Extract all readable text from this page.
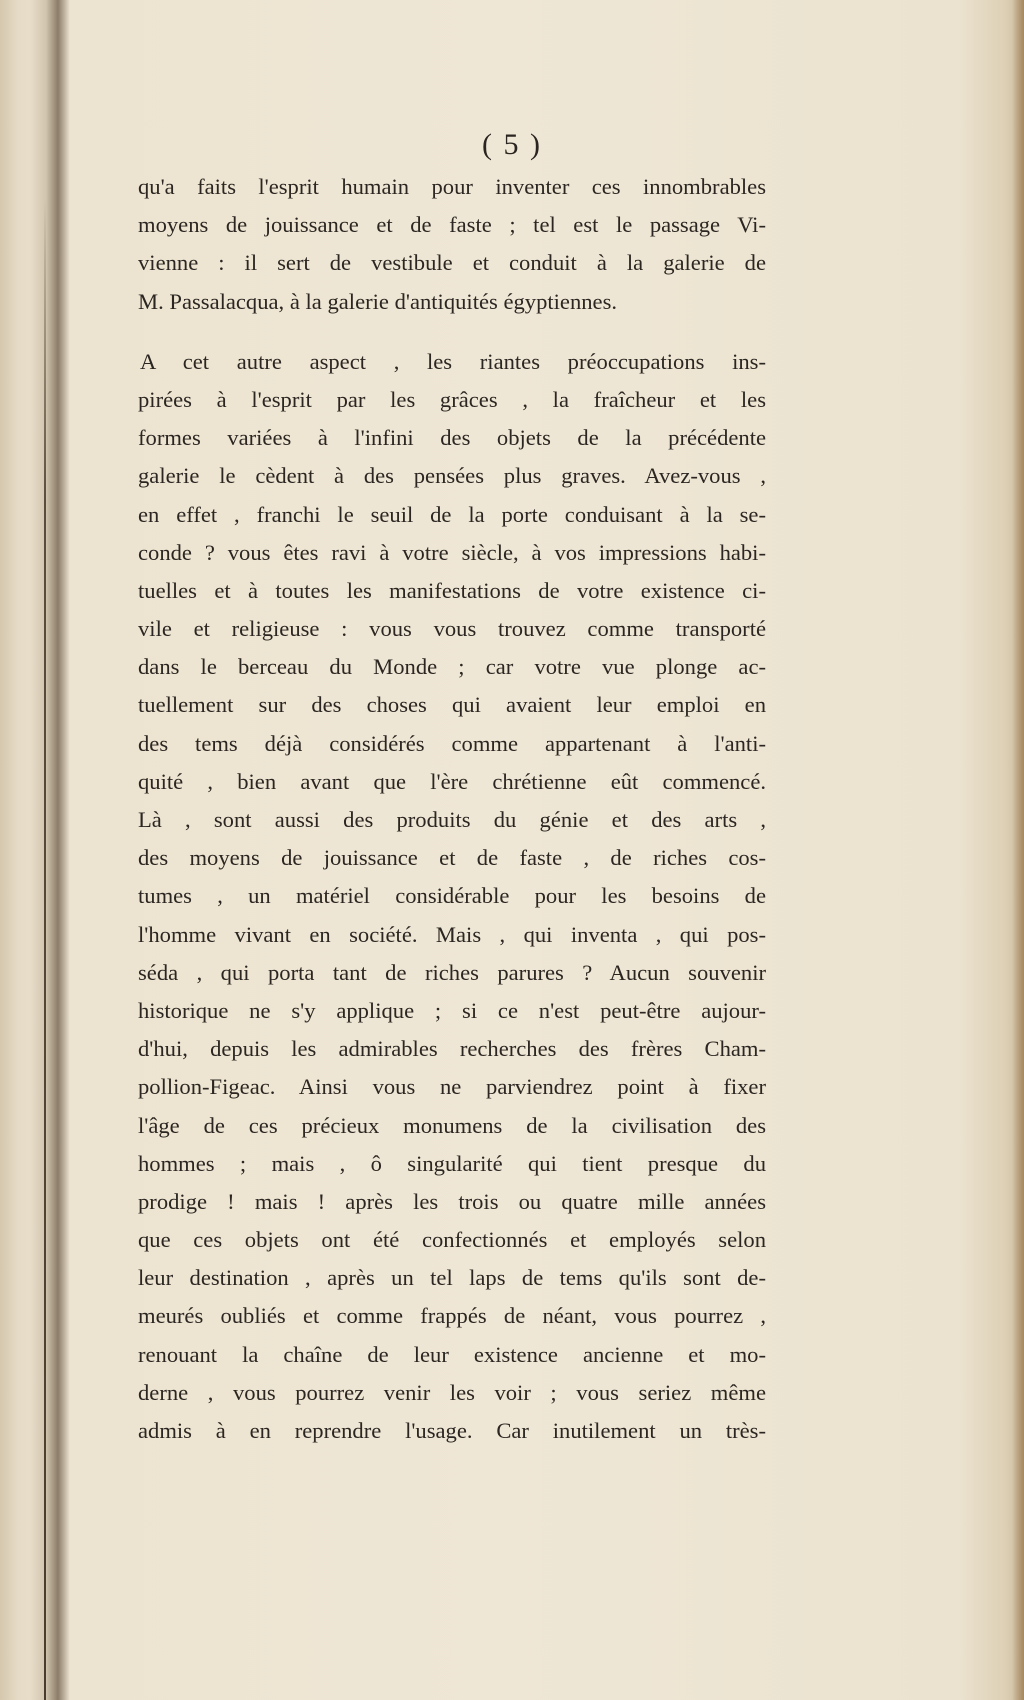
( 5 )
qu'a faits l'esprit humain pour inventer ces innombrables
moyens de jouissance et de faste ; tel est le passage Vi-
vienne : il sert de vestibule et conduit à la galerie de
M. Passalacqua, à la galerie d'antiquités égyptiennes.
A cet autre aspect , les riantes préoccupations ins-
pirées à l'esprit par les grâces , la fraîcheur et les
formes variées à l'infini des objets de la précédente
galerie le cèdent à des pensées plus graves. Avez-vous ,
en effet , franchi le seuil de la porte conduisant à la se-
conde ? vous êtes ravi à votre siècle, à vos impressions habi-
tuelles et à toutes les manifestations de votre existence ci-
vile et religieuse : vous vous trouvez comme transporté
dans le berceau du Monde ; car votre vue plonge ac-
tuellement sur des choses qui avaient leur emploi en
des tems déjà considérés comme appartenant à l'anti-
quité , bien avant que l'ère chrétienne eût commencé.
Là , sont aussi des produits du génie et des arts ,
des moyens de jouissance et de faste , de riches cos-
tumes , un matériel considérable pour les besoins de
l'homme vivant en société. Mais , qui inventa , qui pos-
séda , qui porta tant de riches parures ? Aucun souvenir
historique ne s'y applique ; si ce n'est peut-être aujour-
d'hui, depuis les admirables recherches des frères Cham-
pollion-Figeac. Ainsi vous ne parviendrez point à fixer
l'âge de ces précieux monumens de la civilisation des
hommes ; mais , ô singularité qui tient presque du
prodige ! mais ! après les trois ou quatre mille années
que ces objets ont été confectionnés et employés selon
leur destination , après un tel laps de tems qu'ils sont de-
meurés oubliés et comme frappés de néant, vous pourrez ,
renouant la chaîne de leur existence ancienne et mo-
derne , vous pourrez venir les voir ; vous seriez même
admis à en reprendre l'usage. Car inutilement un très-
